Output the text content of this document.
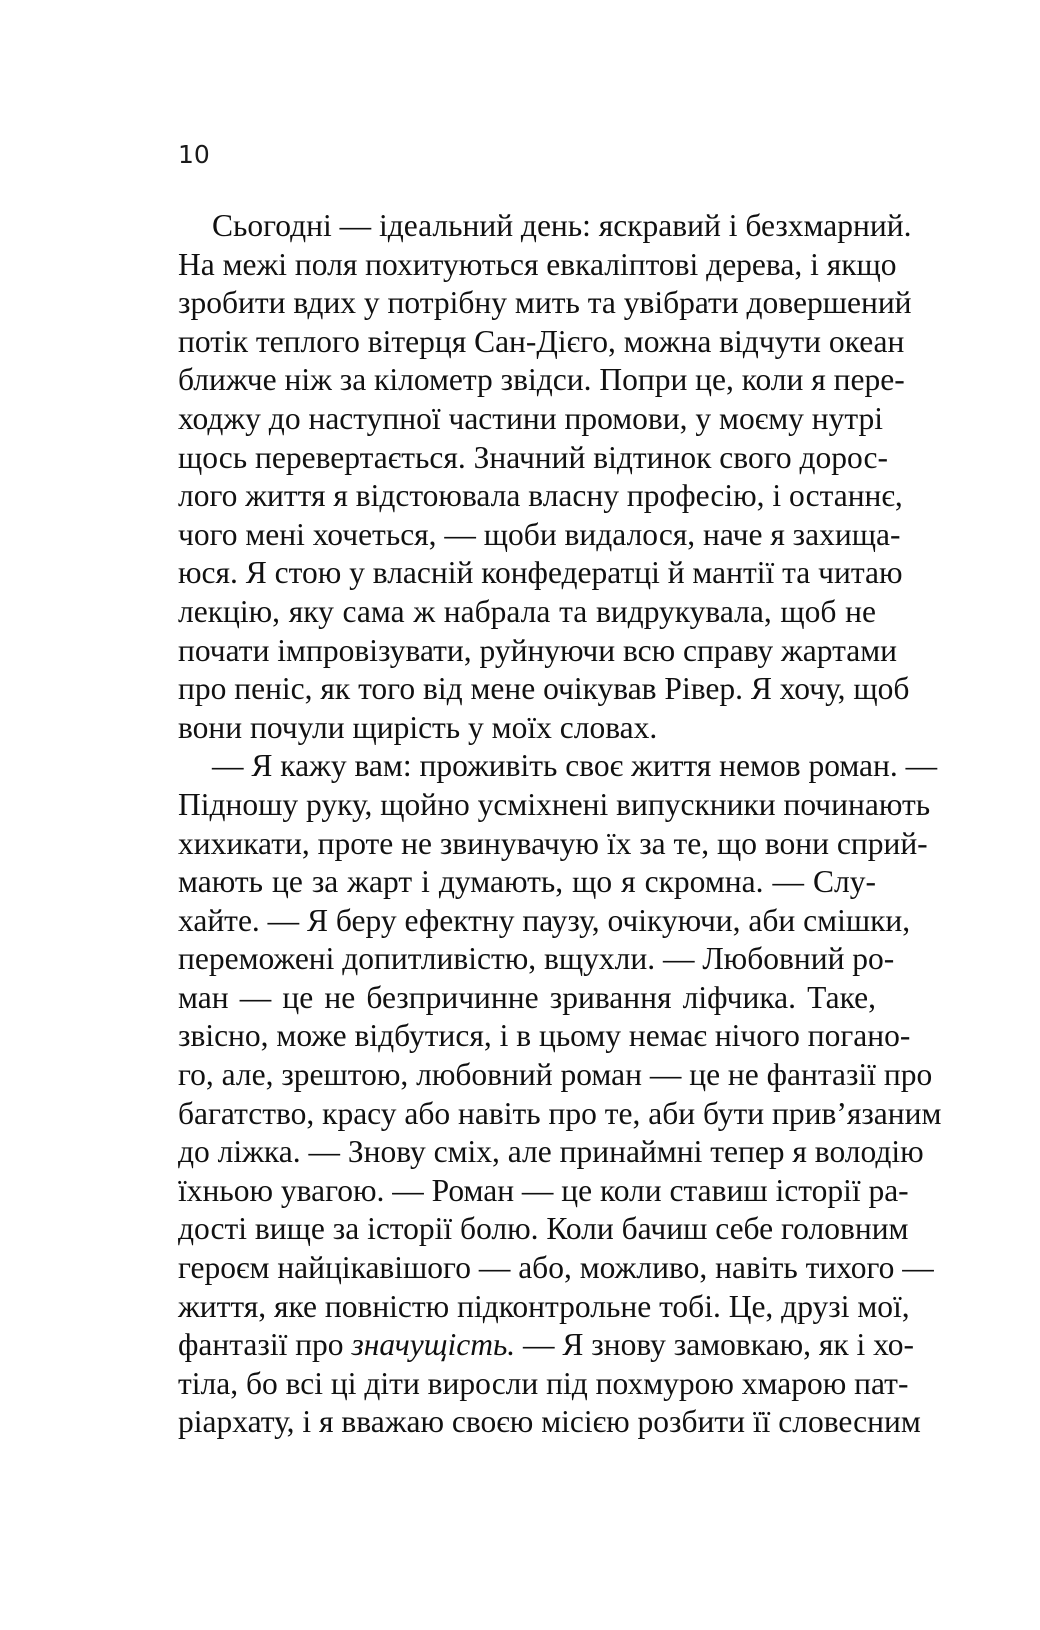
10
Сьогодні — ідеальний день: яскравий і безхмарний.
На межі поля похитуються евкаліптові дерева, і якщо
зробити вдих у потрібну мить та увібрати довершений
потік теплого вітерця Сан-Дієго, можна відчути океан
ближче ніж за кілометр звідси. Попри це, коли я пере-
ходжу до наступної частини промови, у моєму нутрі
щось перевертається. Значний відтинок свого дорос-
лого життя я відстоювала власну професію, і останнє,
чого мені хочеться, — щоби видалося, наче я захища-
юся. Я стою у власній конфедератці й мантії та читаю
лекцію, яку сама ж набрала та видрукувала, щоб не
почати імпровізувати, руйнуючи всю справу жартами
про пеніс, як того від мене очікував Рівер. Я хочу, щоб
вони почули щирість у моїх словах.
— Я кажу вам: проживіть своє життя немов роман. —
Підношу руку, щойно усміхнені випускники починають
хихикати, проте не звинувачую їх за те, що вони сприй-
мають це за жарт і думають, що я скромна. — Слу-
хайте. — Я беру ефектну паузу, очікуючи, аби смішки,
переможені допитливістю, вщухли. — Любовний ро-
ман — це не безпричинне зривання ліфчика. Таке,
звісно, може відбутися, і в цьому немає нічого погано-
го, але, зрештою, любовний роман — це не фантазії про
багатство, красу або навіть про те, аби бути прив’язаним
до ліжка. — Знову сміх, але принаймні тепер я володію
їхньою увагою. — Роман — це коли ставиш історії ра-
дості вище за історії болю. Коли бачиш себе головним
героєм найцікавішого — або, можливо, навіть тихого —
життя, яке повністю підконтрольне тобі. Це, друзі мої,
фантазії про значущість. — Я знову замовкаю, як і хо-
тіла, бо всі ці діти виросли під похмурою хмарою пат-
ріархату, і я вважаю своєю місією розбити її словесним
